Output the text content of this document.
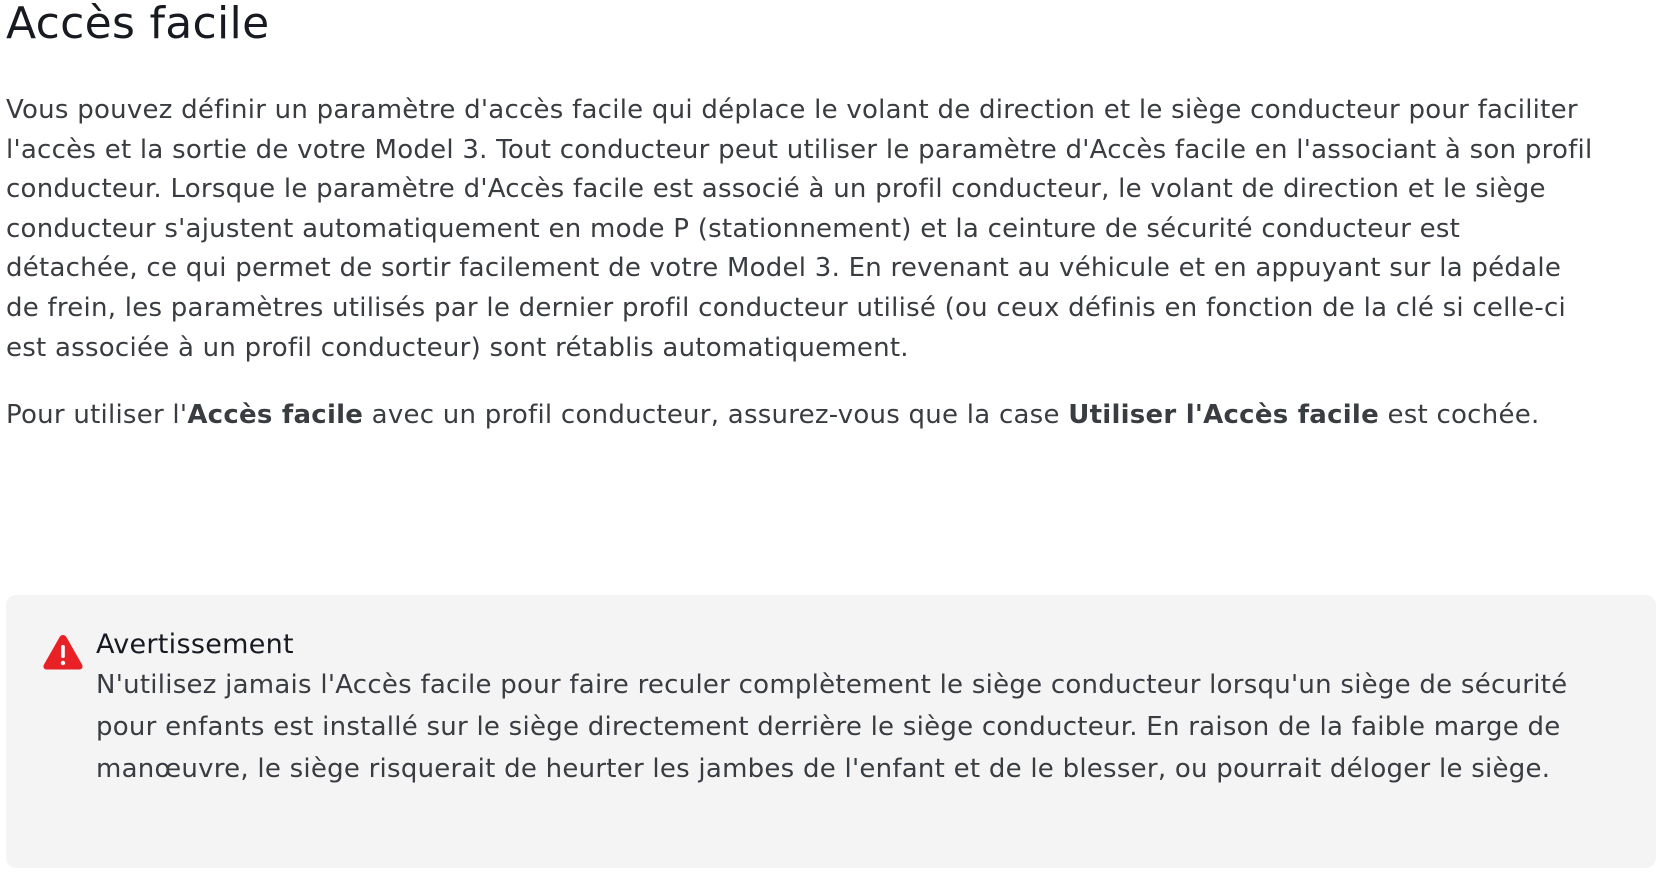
Accès facile

Vous pouvez définir un paramètre d'accès facile qui déplace le volant de direction et le siège conducteur pour faciliter l'accès et la sortie de votre Model 3. Tout conducteur peut utiliser le paramètre d'Accès facile en l'associant à son profil conducteur. Lorsque le paramètre d'Accès facile est associé à un profil conducteur, le volant de direction et le siège conducteur s'ajustent automatiquement en mode P (stationnement) et la ceinture de sécurité conducteur est détachée, ce qui permet de sortir facilement de votre Model 3. En revenant au véhicule et en appuyant sur la pédale de frein, les paramètres utilisés par le dernier profil conducteur utilisé (ou ceux définis en fonction de la clé si celle-ci est associée à un profil conducteur) sont rétablis automatiquement.

Pour utiliser l'Accès facile avec un profil conducteur, assurez-vous que la case Utiliser l'Accès facile est cochée.

Avertissement
N'utilisez jamais l'Accès facile pour faire reculer complètement le siège conducteur lorsqu'un siège de sécurité pour enfants est installé sur le siège directement derrière le siège conducteur. En raison de la faible marge de manœuvre, le siège risquerait de heurter les jambes de l'enfant et de le blesser, ou pourrait déloger le siège.
